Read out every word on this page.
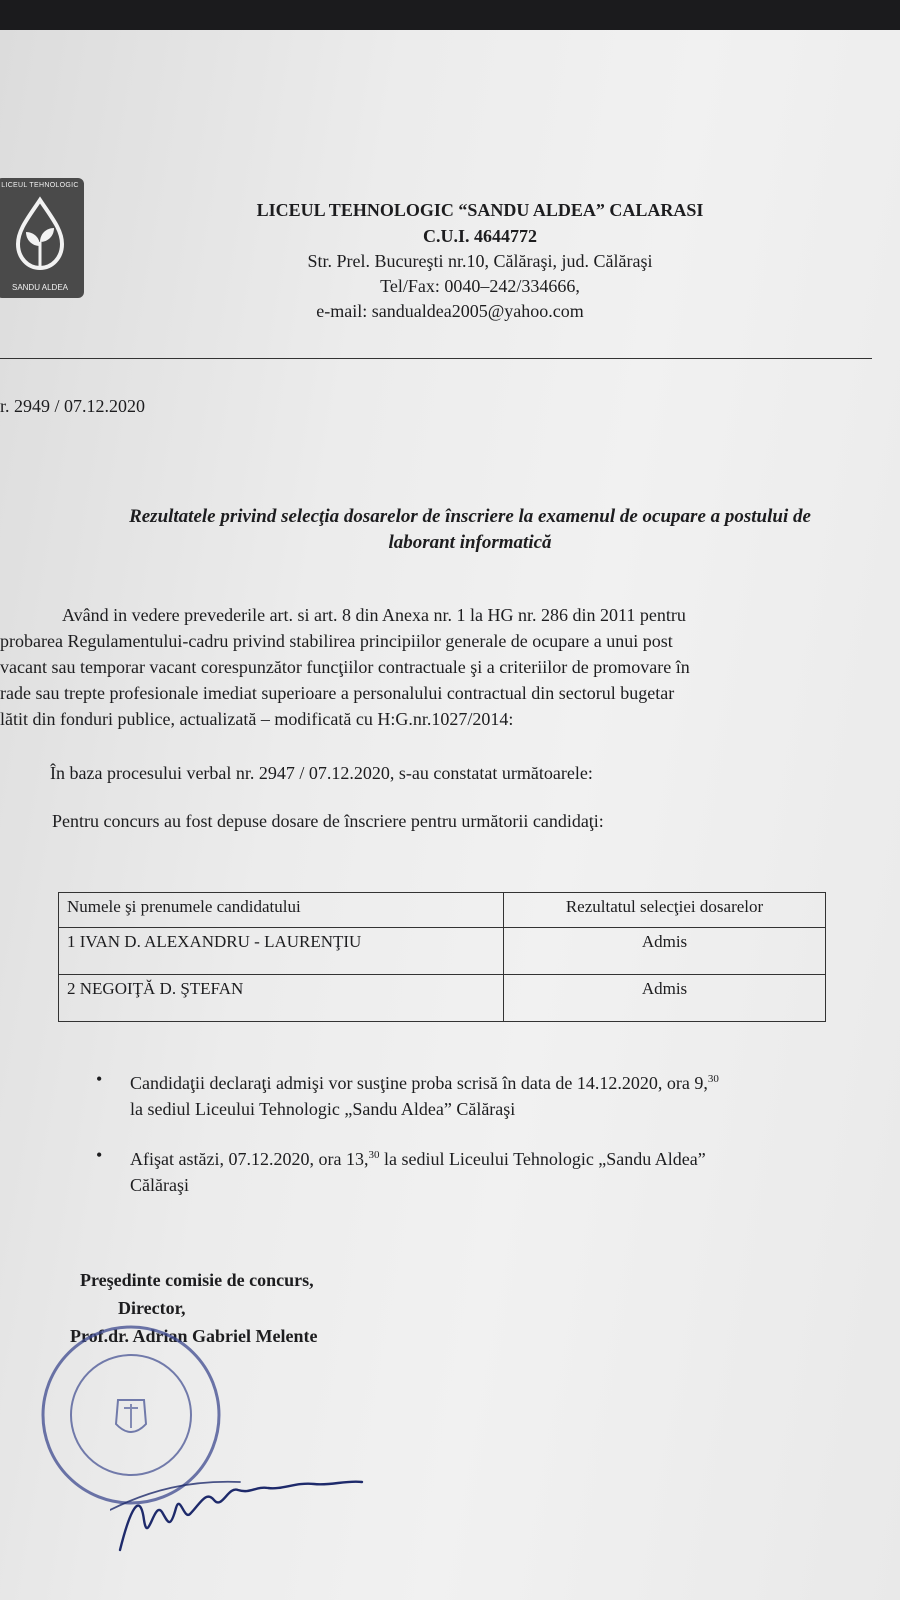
LICEUL TEHNOLOGIC
SANDU ALDEA
LICEUL TEHNOLOGIC “SANDU ALDEA” CALARASI
C.U.I. 4644772
Str. Prel. Bucureşti nr.10, Călăraşi, jud. Călăraşi
Tel/Fax: 0040–242/334666,
e-mail: sandualdea2005@yahoo.com
r. 2949 / 07.12.2020
Rezultatele privind selecţia dosarelor de înscriere la examenul de ocupare a postului de
laborant informatică
Având in vedere prevederile art. si art. 8 din Anexa nr. 1 la HG nr. 286 din 2011 pentru
probarea Regulamentului-cadru privind stabilirea principiilor generale de ocupare a unui post
vacant sau temporar vacant corespunzător funcţiilor contractuale şi a criteriilor de promovare în
rade sau trepte profesionale imediat superioare a personalului contractual din sectorul bugetar
lătit din fonduri publice, actualizată – modificată cu H:G.nr.1027/2014:
În baza procesului verbal nr. 2947 / 07.12.2020, s-au constatat următoarele:
Pentru concurs au fost depuse dosare de înscriere pentru următorii candidaţi:
Numele şi prenumele candidatului	Rezultatul selecţiei dosarelor
1 IVAN D. ALEXANDRU - LAURENŢIU	Admis
2 NEGOIŢĂ D. ŞTEFAN	Admis
• Candidaţii declaraţi admişi vor susţine proba scrisă în data de 14.12.2020, ora 9,30
la sediul Liceului Tehnologic „Sandu Aldea” Călăraşi
• Afişat astăzi, 07.12.2020, ora 13,30 la sediul Liceului Tehnologic „Sandu Aldea”
Călăraşi
Preşedinte comisie de concurs,
Director,
Prof.dr. Adrian Gabriel Melente
